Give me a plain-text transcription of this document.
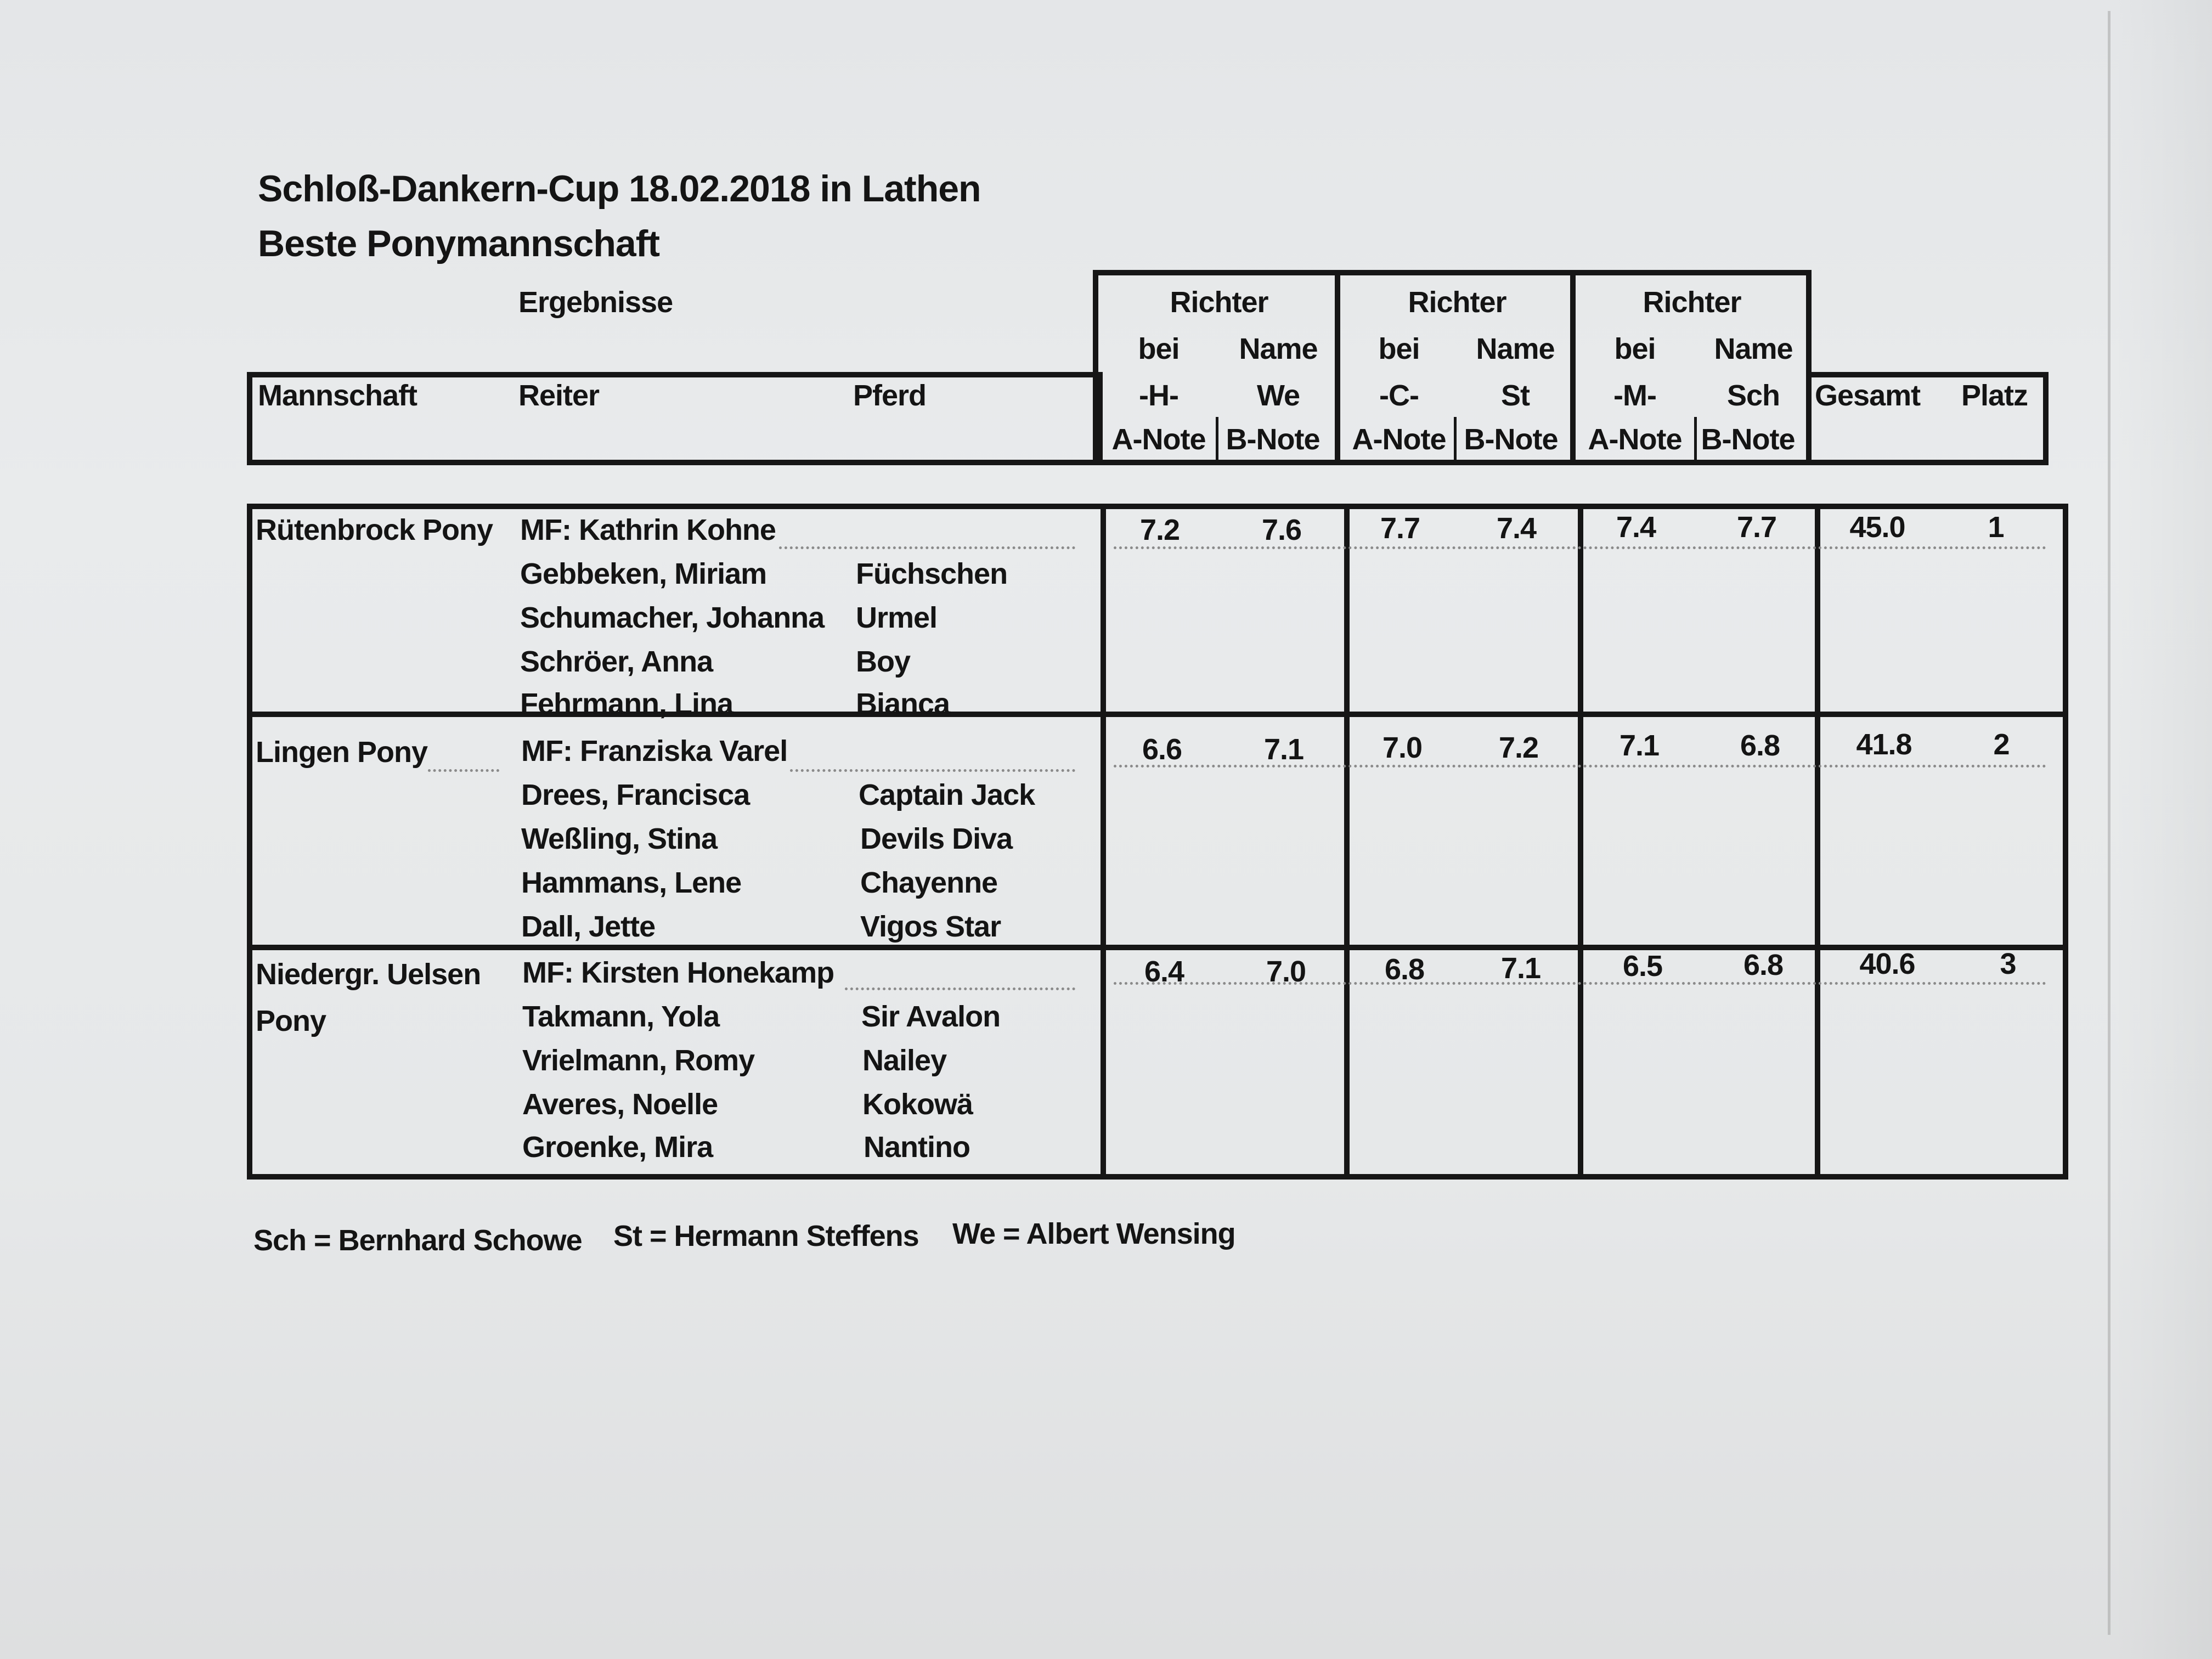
Schloß-Dankern-Cup 18.02.2018 in Lathen
Beste Ponymannschaft
Ergebnisse
Mannschaft	Reiter	Pferd
Richter
bei Name
-H-	We
A-Note B-Note
Richter
bei Name
-C-	St
A-Note B-Note
Richter
bei Name
-M- Sch
A-Note B-Note
Gesamt Platz
Rütenbrock Pony MF: Kathrin Kohne
Gebbeken, Miriam	Füchschen
Schumacher, Johanna Urmel
Schröer, Anna	Boy
Fehrmann, Lina	Bianca
7.2	7.6	7.7	7.4	7.4	7.7 45.0	1
Lingen Pony	MF: Franziska Varel
Drees, Francisca	Captain Jack
Weßling, Stina	Devils Diva
Hammans, Lene	Chayenne
Dall, Jette	Vigos Star
6.6	7.1	7.0	7.2	7.1	6.8	41.8	2
Niedergr. Uelsen
Pony
MF: Kirsten Honekamp
Takmann, Yola	Sir Avalon
Vrielmann, Romy	Nailey
Averes, Noelle	Kokowä
Groenke, Mira	Nantino
6.4	7.0	6.8	7.1	6.5	6.8	40.6	3
Sch = Bernhard Schowe St = Hermann Steffens We = Albert Wensing
